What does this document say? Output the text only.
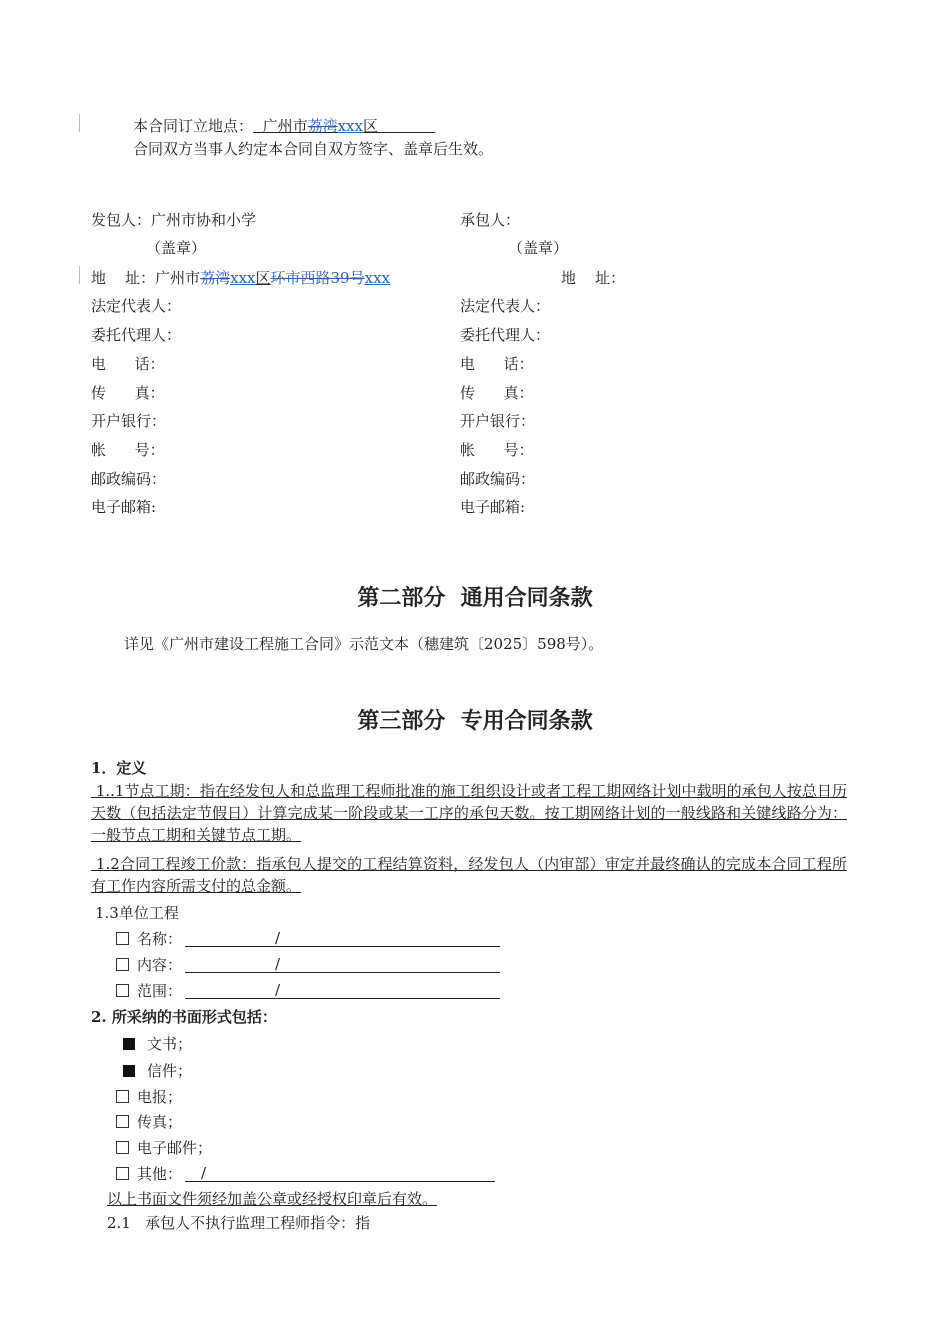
本合同订立地点： 广州市荔湾xxx区
合同双方当事人约定本合同自双方签字、盖章后生效。
发包人：广州市协和小学	承包人：
（盖章）	（盖章）
地    址：广州市荔湾xxx区环市西路39号xxx	地    址：
法定代表人：	法定代表人：
委托代理人：	委托代理人：
电      话：	电      话：
传      真：	传      真：
开户银行：	开户银行：
帐      号：	帐      号：
邮政编码：	邮政编码：
电子邮箱:	电子邮箱:
第二部分  通用合同条款
详见《广州市建设工程施工合同》示范文本（穗建筑〔2025〕598号）。
第三部分  专用合同条款
1．定义
1..1节点工期：指在经发包人和总监理工程师批准的施工组织设计或者工程工期网络计划中载明的承包人按总日历天数（包括法定节假日）计算完成某一阶段或某一工序的承包天数。按工期网络计划的一般线路和关键线路分为：一般节点工期和关键节点工期。
1.2合同工程竣工价款：指承包人提交的工程结算资料，经发包人（内审部）审定并最终确认的完成本合同工程所有工作内容所需支付的总金额。
1.3单位工程
名称：	/
内容：	/
范围：	/
2. 所采纳的书面形式包括：
文书；
信件；
电报；
传真；
电子邮件；
其他： /
以上书面文件须经加盖公章或经授权印章后有效。
2.1   承包人不执行监理工程师指令：指
